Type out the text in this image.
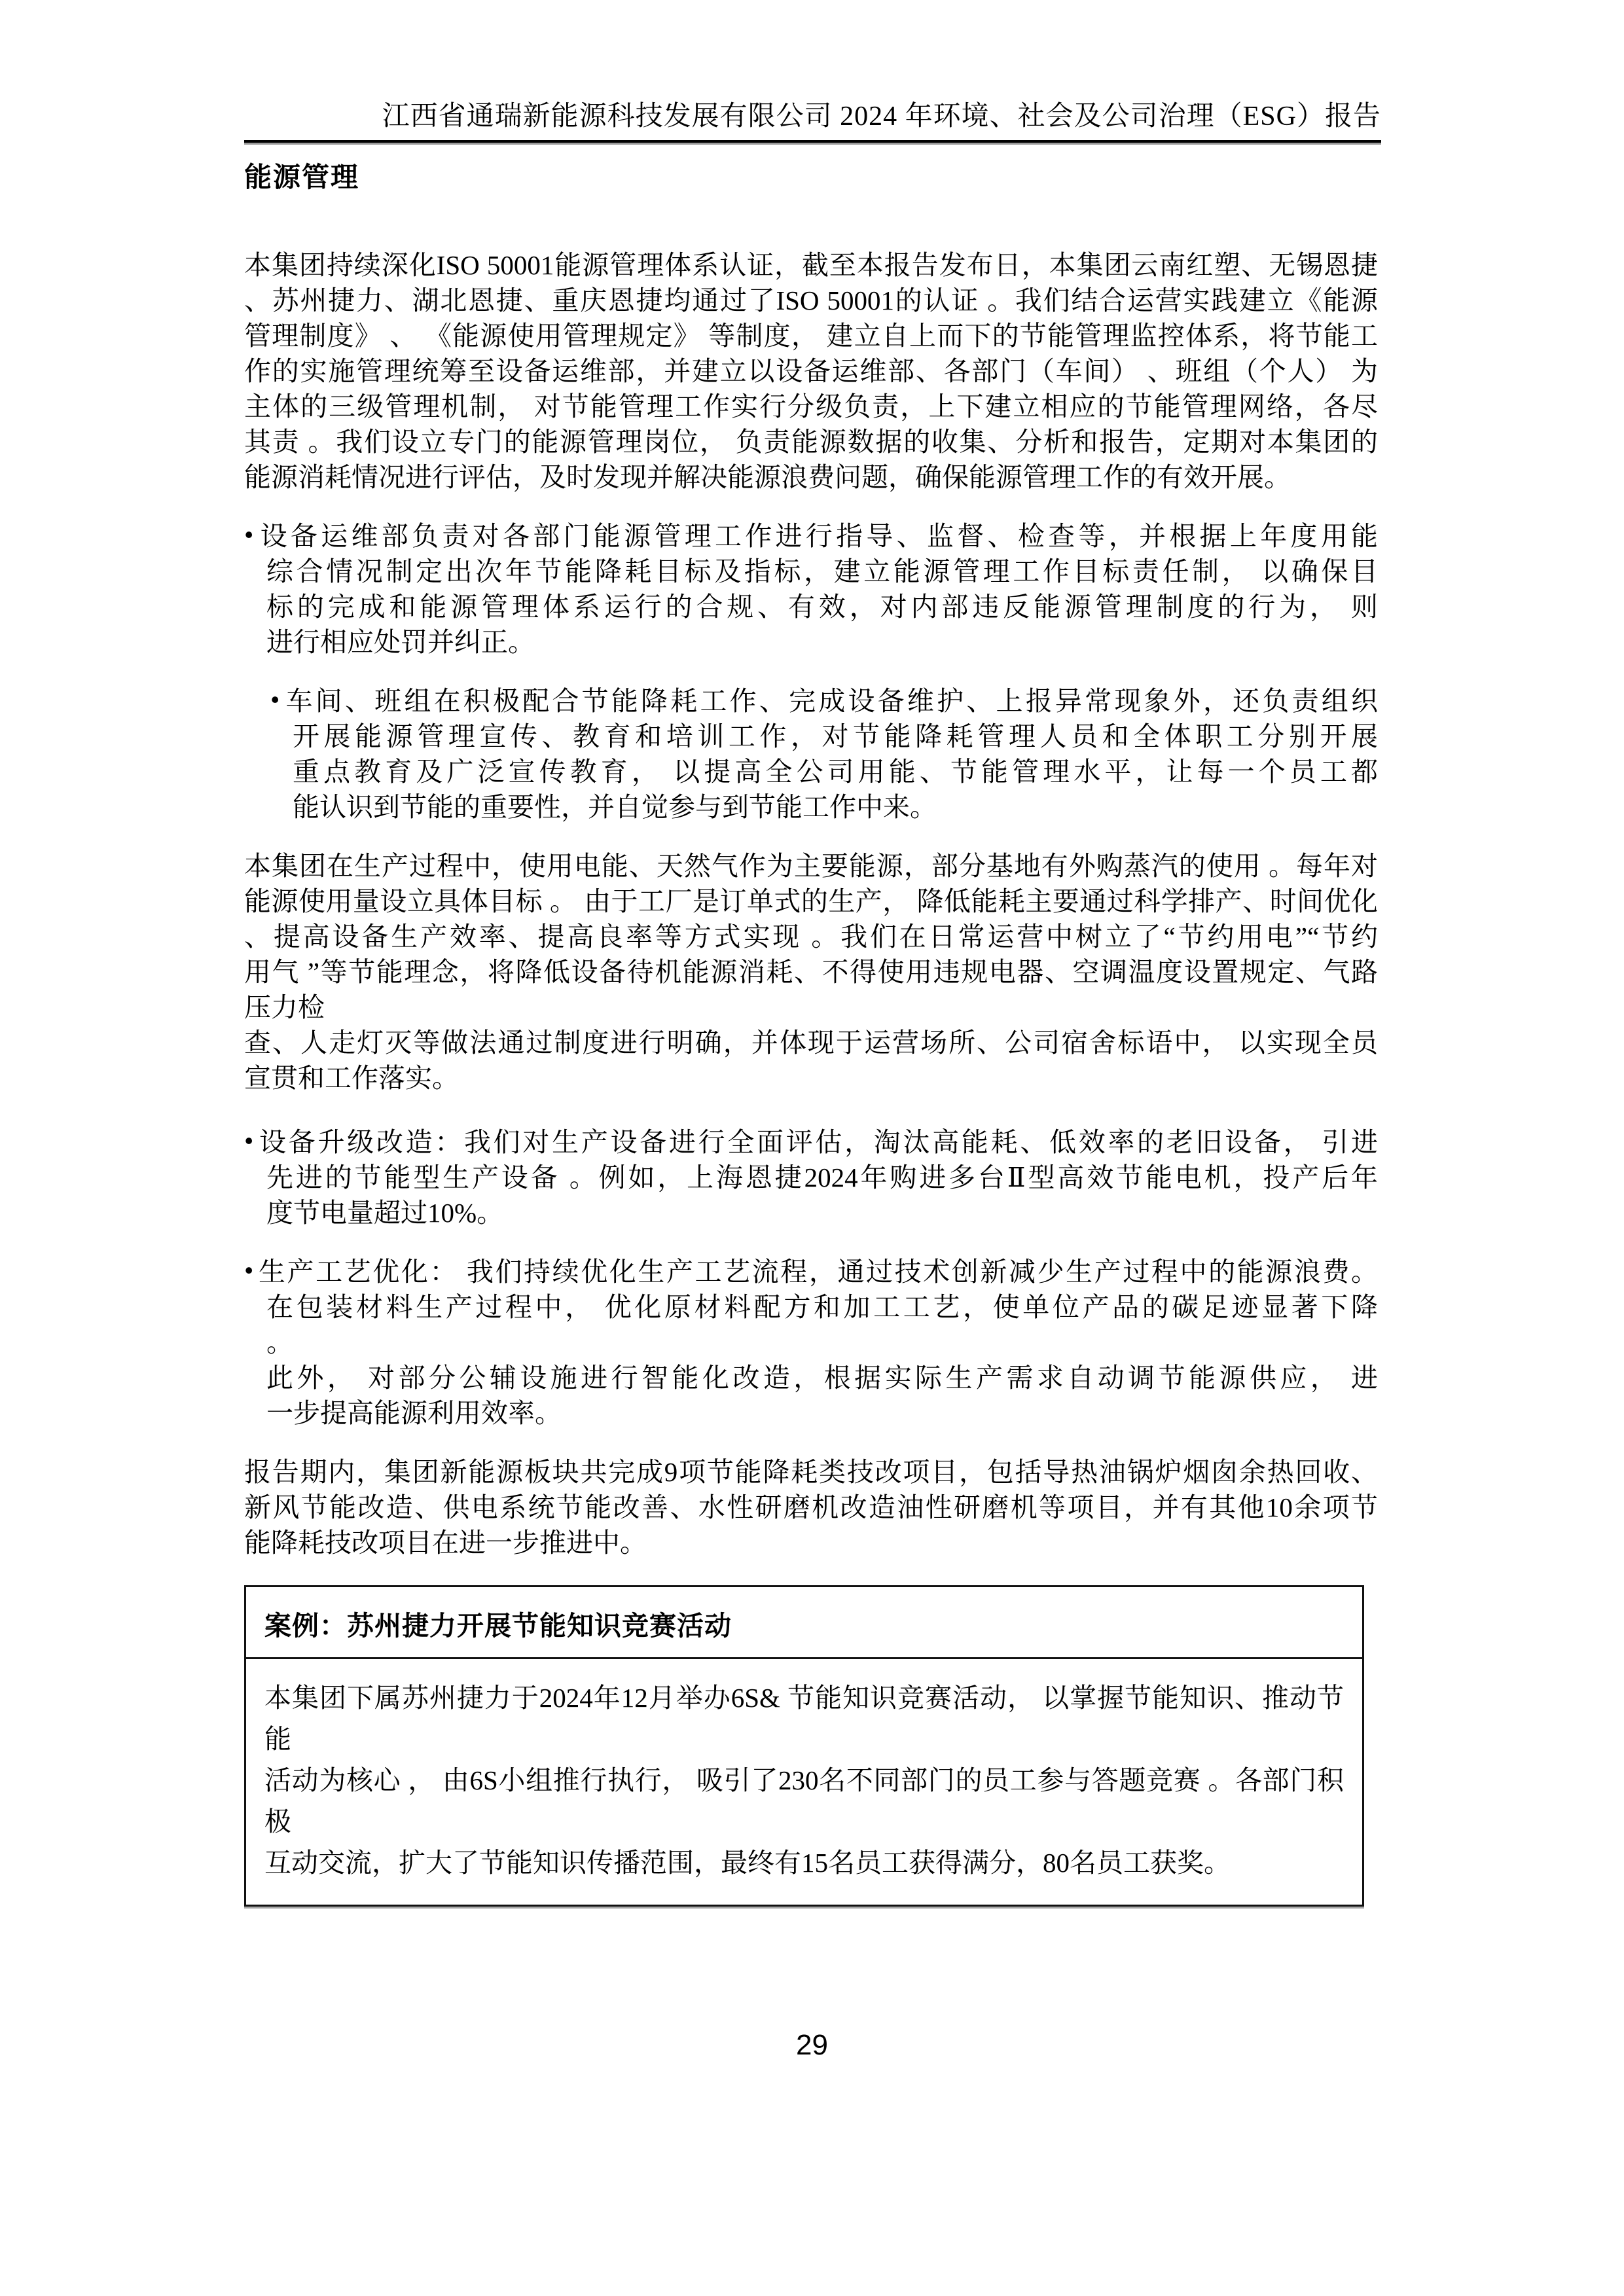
江西省通瑞新能源科技发展有限公司 2024 年环境、社会及公司治理（ESG）报告
能源管理
本集团持续深化ISO 50001能源管理体系认证，截至本报告发布日，本集团云南红塑、无锡恩捷
、苏州捷力、湖北恩捷、重庆恩捷均通过了ISO 50001的认证 。我们结合运营实践建立《能源
管理制度》 、 《能源使用管理规定》 等制度， 建立自上而下的节能管理监控体系，将节能工
作的实施管理统筹至设备运维部，并建立以设备运维部、各部门（车间） 、班组（个人） 为
主体的三级管理机制， 对节能管理工作实行分级负责，上下建立相应的节能管理网络，各尽
其责 。我们设立专门的能源管理岗位， 负责能源数据的收集、分析和报告，定期对本集团的
能源消耗情况进行评估，及时发现并解决能源浪费问题，确保能源管理工作的有效开展。
• 设备运维部负责对各部门能源管理工作进行指导、监督、检查等，并根据上年度用能
综合情况制定出次年节能降耗目标及指标，建立能源管理工作目标责任制， 以确保目
标的完成和能源管理体系运行的合规、有效，对内部违反能源管理制度的行为， 则
进行相应处罚并纠正。
• 车间、班组在积极配合节能降耗工作、完成设备维护、上报异常现象外，还负责组织
开展能源管理宣传、教育和培训工作，对节能降耗管理人员和全体职工分别开展
重点教育及广泛宣传教育， 以提高全公司用能、节能管理水平，让每一个员工都
能认识到节能的重要性，并自觉参与到节能工作中来。
本集团在生产过程中，使用电能、天然气作为主要能源，部分基地有外购蒸汽的使用 。每年对
能源使用量设立具体目标 。 由于工厂是订单式的生产， 降低能耗主要通过科学排产、时间优化
、提高设备生产效率、提高良率等方式实现 。我们在日常运营中树立了“节约用电”“节约
用气 ”等节能理念，将降低设备待机能源消耗、不得使用违规电器、空调温度设置规定、气路
压力检
查、人走灯灭等做法通过制度进行明确，并体现于运营场所、公司宿舍标语中， 以实现全员
宣贯和工作落实。
• 设备升级改造：我们对生产设备进行全面评估，淘汰高能耗、低效率的老旧设备， 引进
先进的节能型生产设备 。例如，上海恩捷2024年购进多台Ⅱ型高效节能电机，投产后年
度节电量超过10%。
• 生产工艺优化： 我们持续优化生产工艺流程，通过技术创新减少生产过程中的能源浪费。
在包装材料生产过程中， 优化原材料配方和加工工艺，使单位产品的碳足迹显著下降
。
此外， 对部分公辅设施进行智能化改造，根据实际生产需求自动调节能源供应， 进
一步提高能源利用效率。
报告期内，集团新能源板块共完成9项节能降耗类技改项目，包括导热油锅炉烟囱余热回收、
新风节能改造、供电系统节能改善、水性研磨机改造油性研磨机等项目，并有其他10余项节
能降耗技改项目在进一步推进中。
案例：苏州捷力开展节能知识竞赛活动
本集团下属苏州捷力于2024年12月举办6S& 节能知识竞赛活动， 以掌握节能知识、推动节能
活动为核心 ， 由6S小组推行执行， 吸引了230名不同部门的员工参与答题竞赛 。各部门积极
互动交流，扩大了节能知识传播范围，最终有15名员工获得满分，80名员工获奖。
29
